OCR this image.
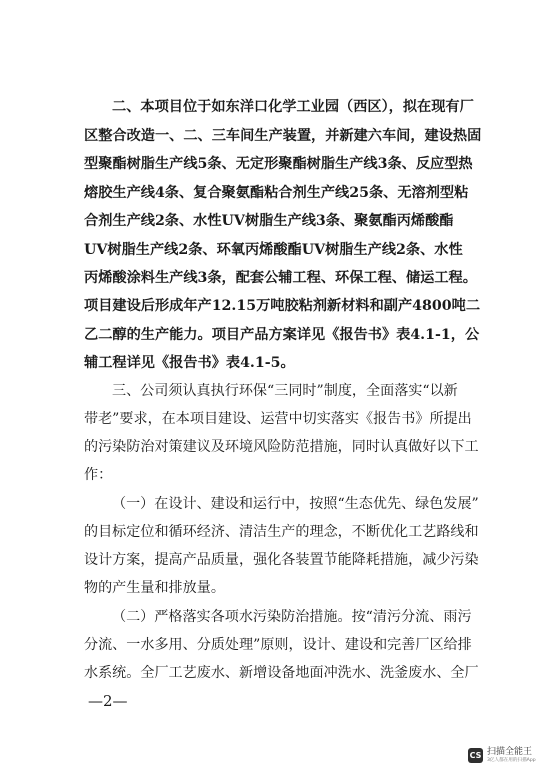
二、本项目位于如东洋口化学工业园（西区），拟在现有厂

区整合改造一、二、三车间生产装置，并新建六车间，建设热固

型聚酯树脂生产线5条、无定形聚酯树脂生产线3条、反应型热

熔胶生产线4条、复合聚氨酯粘合剂生产线25条、无溶剂型粘

合剂生产线2条、水性UV树脂生产线3条、聚氨酯丙烯酸酯

UV树脂生产线2条、环氧丙烯酸酯UV树脂生产线2条、水性

丙烯酸涂料生产线3条，配套公辅工程、环保工程、储运工程。

项目建设后形成年产12.15万吨胶粘剂新材料和副产4800吨二

乙二醇的生产能力。项目产品方案详见《报告书》表4.1-1，公

辅工程详见《报告书》表4.1-5。

三、公司须认真执行环保“三同时”制度，全面落实“以新

带老”要求，在本项目建设、运营中切实落实《报告书》所提出

的污染防治对策建议及环境风险防范措施，同时认真做好以下工

作：

（一）在设计、建设和运行中，按照“生态优先、绿色发展”

的目标定位和循环经济、清洁生产的理念，不断优化工艺路线和

设计方案，提高产品质量，强化各装置节能降耗措施，减少污染

物的产生量和排放量。

（二）严格落实各项水污染防治措施。按“清污分流、雨污

分流、一水多用、分质处理”原则，设计、建设和完善厂区给排

水系统。全厂工艺废水、新增设备地面冲洗水、洗釜废水、全厂

—2—
CS 扫描全能王
3亿人都在用的扫描App
